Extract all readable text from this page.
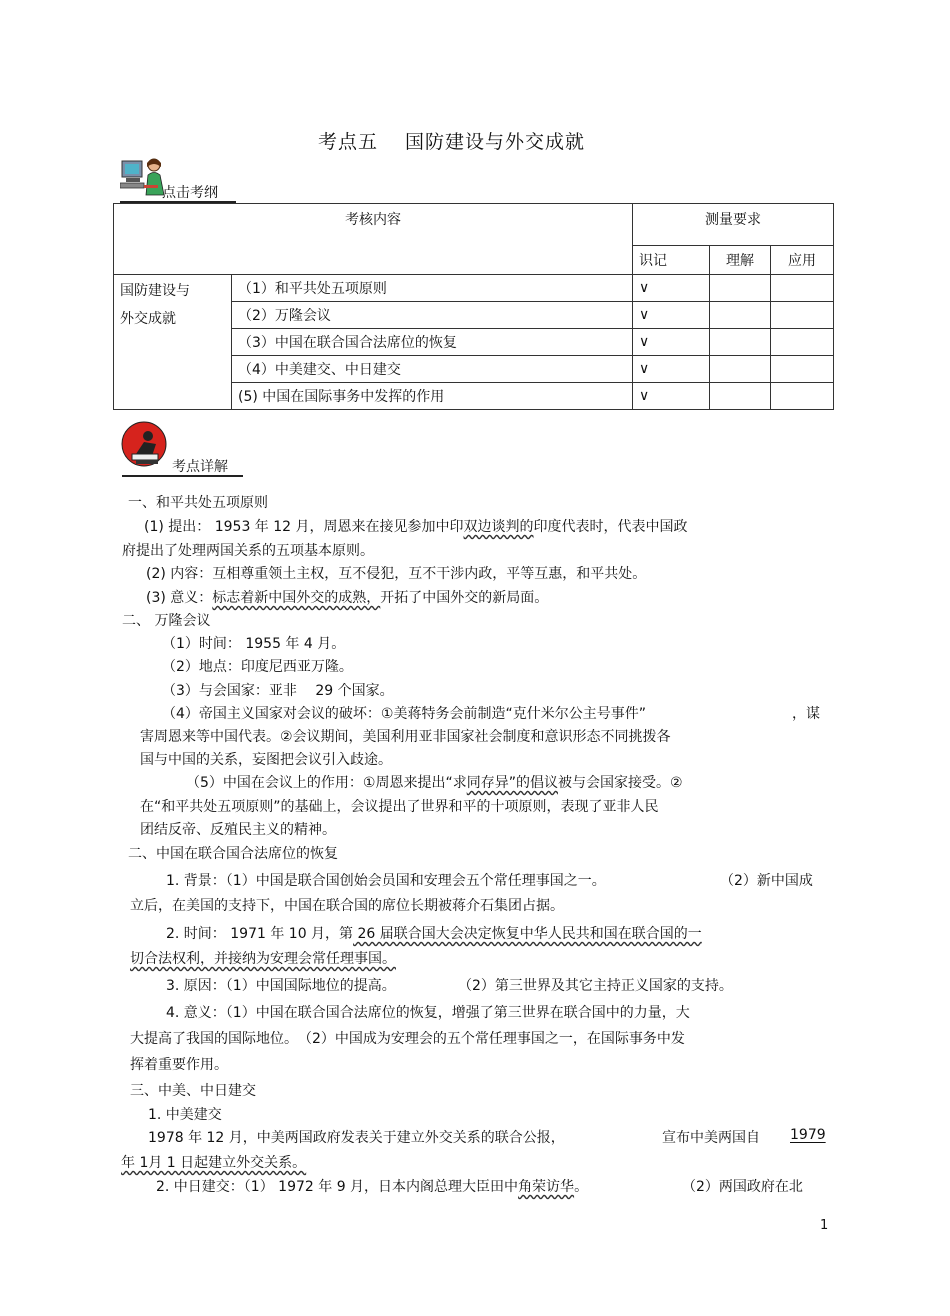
考点五　 国防建设与外交成就
点击考纲
考核内容		测量要求		
		识记	理解	应用

国防建设与
外交成就	（1）和平共处五项原则	∨		
	（2）万隆会议	∨		
	（3）中国在联合国合法席位的恢复	∨		
	（4）中美建交、中日建交	∨		
	(5) 中国在国际事务中发挥的作用	∨		
考点详解
一、和平共处五项原则
(1) 提出： 1953 年 12 月，周恩来在接见参加中印双边谈判的印度代表时，代表中国政
府提出了处理两国关系的五项基本原则。
(2) 内容：互相尊重领土主权，互不侵犯，互不干涉内政，平等互惠，和平共处。
(3) 意义：标志着新中国外交的成熟，开拓了中国外交的新局面。
二、 万隆会议
（1）时间： 1955 年 4 月。
（2）地点：印度尼西亚万隆。
（3）与会国家：亚非　 29 个国家。
（4）帝国主义国家对会议的破坏：①美蒋特务会前制造“克什米尔公主号事件”	，谋
害周恩来等中国代表。②会议期间，美国利用亚非国家社会制度和意识形态不同挑拨各
国与中国的关系，妄图把会议引入歧途。
（5）中国在会议上的作用：①周恩来提出“求同存异”的倡议被与会国家接受。②
在“和平共处五项原则”的基础上，会议提出了世界和平的十项原则，表现了亚非人民
团结反帝、反殖民主义的精神。
二、中国在联合国合法席位的恢复
1. 背景：（1）中国是联合国创始会员国和安理会五个常任理事国之一。	（2）新中国成
立后，在美国的支持下，中国在联合国的席位长期被蒋介石集团占据。
2. 时间： 1971 年 10 月，第 26 届联合国大会决定恢复中华人民共和国在联合国的一
切合法权利，并接纳为安理会常任理事国。
3. 原因：（1）中国国际地位的提高。	（2）第三世界及其它主持正义国家的支持。
4. 意义：（1）中国在联合国合法席位的恢复，增强了第三世界在联合国中的力量，大
大提高了我国的国际地位。　（2）中国成为安理会的五个常任理事国之一，在国际事务中发
挥着重要作用。
三、中美、中日建交
1. 中美建交
1978 年 12 月，中美两国政府发表关于建立外交关系的联合公报，	宣布中美两国自 1979
年 1月 1 日起建立外交关系。
2. 中日建交：（1） 1972 年 9 月，日本内阁总理大臣田中角荣访华。	（2）两国政府在北
1
